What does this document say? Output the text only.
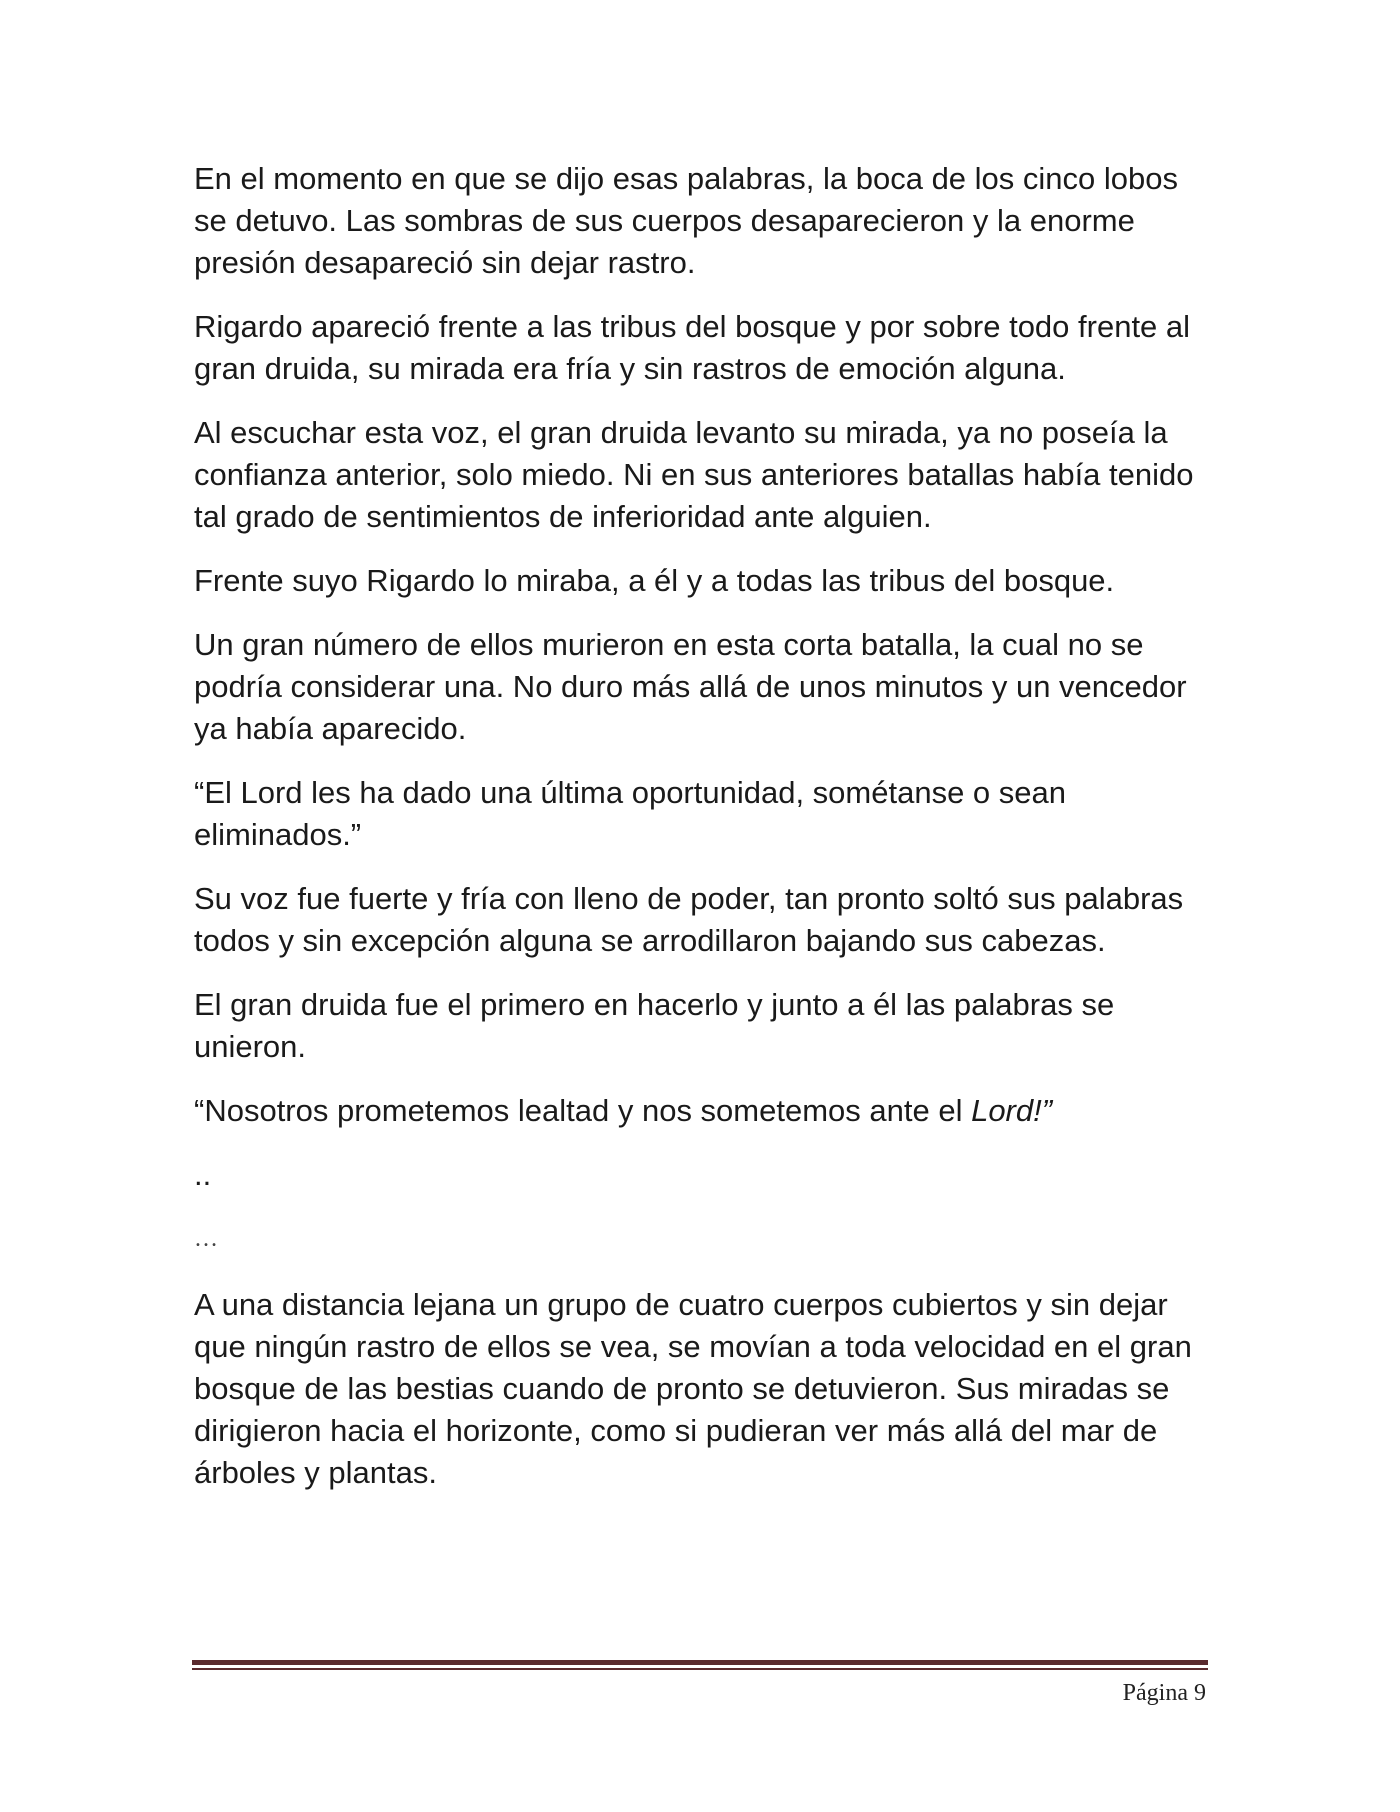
En el momento en que se dijo esas palabras, la boca de los cinco lobos se detuvo. Las sombras de sus cuerpos desaparecieron y la enorme presión desapareció sin dejar rastro.

Rigardo apareció frente a las tribus del bosque y por sobre todo frente al gran druida, su mirada era fría y sin rastros de emoción alguna.

Al escuchar esta voz, el gran druida levanto su mirada, ya no poseía la confianza anterior, solo miedo. Ni en sus anteriores batallas había tenido tal grado de sentimientos de inferioridad ante alguien.

Frente suyo Rigardo lo miraba, a él y a todas las tribus del bosque.

Un gran número de ellos murieron en esta corta batalla, la cual no se podría considerar una. No duro más allá de unos minutos y un vencedor ya había aparecido.

“El Lord les ha dado una última oportunidad, sométanse o sean eliminados.”

Su voz fue fuerte y fría con lleno de poder, tan pronto soltó sus palabras todos y sin excepción alguna se arrodillaron bajando sus cabezas.

El gran druida fue el primero en hacerlo y junto a él las palabras se unieron.

“Nosotros prometemos lealtad y nos sometemos ante el Lord!”

..

…

A una distancia lejana un grupo de cuatro cuerpos cubiertos y sin dejar que ningún rastro de ellos se vea, se movían a toda velocidad en el gran bosque de las bestias cuando de pronto se detuvieron. Sus miradas se dirigieron hacia el horizonte, como si pudieran ver más allá del mar de árboles y plantas.

Página 9
